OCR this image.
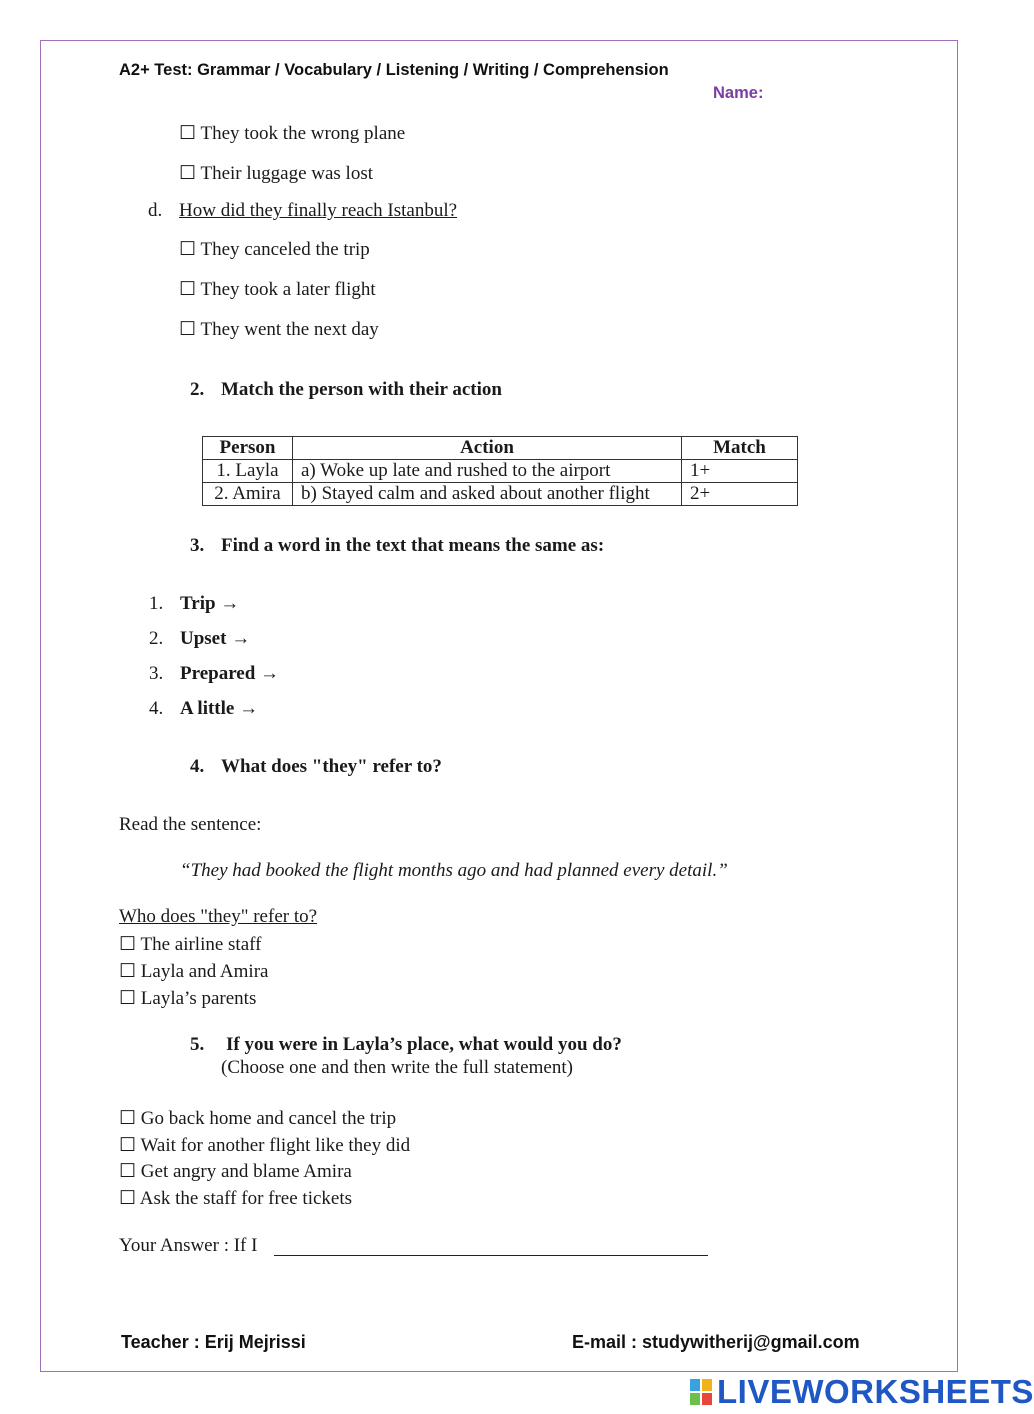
A2+ Test: Grammar / Vocabulary / Listening / Writing / Comprehension
Name:
☐ They took the wrong plane
☐ Their luggage was lost
d. How did they finally reach Istanbul?
☐ They canceled the trip
☐ They took a later flight
☐ They went the next day
2. Match the person with their action
Person	Action	Match
1. Layla	a) Woke up late and rushed to the airport	1+
2. Amira	b) Stayed calm and asked about another flight	2+
3. Find a word in the text that means the same as:
1. Trip →
2. Upset →
3. Prepared →
4. A little →
4. What does "they" refer to?
Read the sentence:
“They had booked the flight months ago and had planned every detail.”
Who does "they" refer to?
☐ The airline staff
☐ Layla and Amira
☐ Layla’s parents
5. If you were in Layla’s place, what would you do?
(Choose one and then write the full statement)
☐ Go back home and cancel the trip
☐ Wait for another flight like they did
☐ Get angry and blame Amira
☐ Ask the staff for free tickets
Your Answer : If I
Teacher : Erij Mejrissi	E-mail : studywitherij@gmail.com
LIVEWORKSHEETS
